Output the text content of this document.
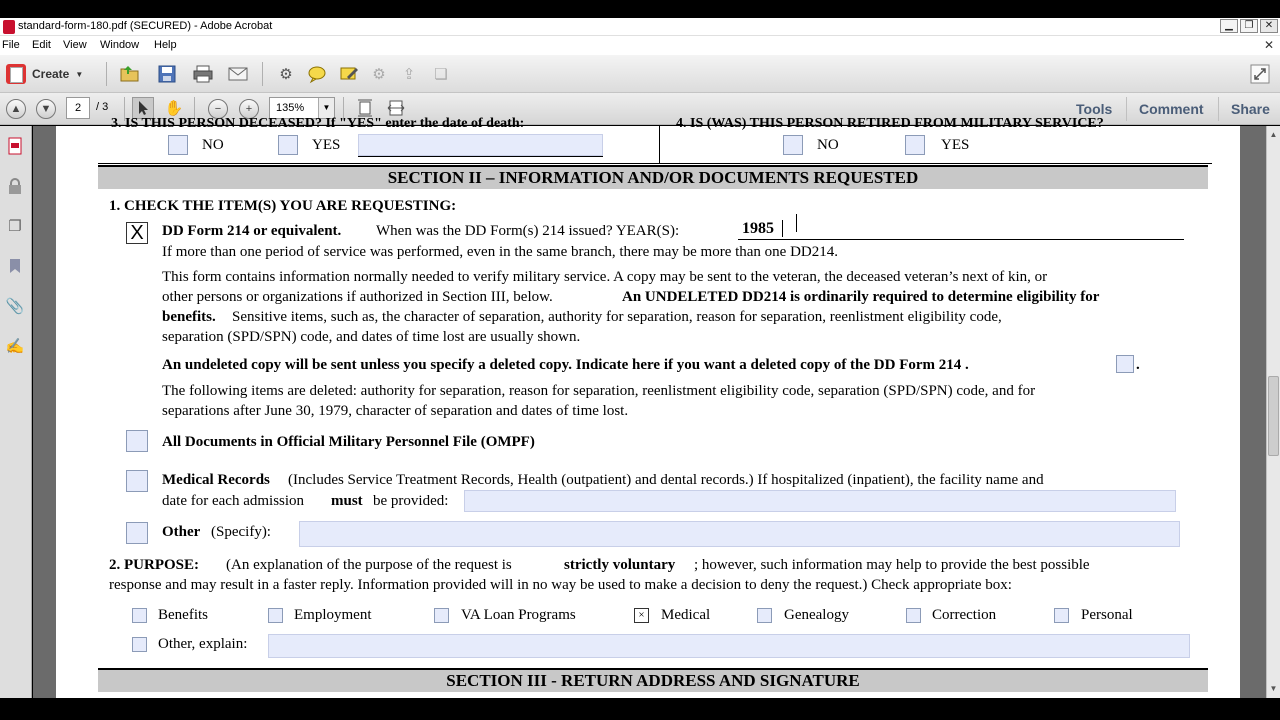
standard-form-180.pdf (SECURED) - Adobe Acrobat	▁	❐	✕
File Edit View Window Help	✕
Create ▼	⚙	⚙	⇪	❏
▲	▼	2	/ 3	✋	−	+	135%	▼	Tools Comment Share
❐
📎
✍
3. IS THIS PERSON DECEASED? If "YES" enter the date of death:	4. IS (WAS) THIS PERSON RETIRED FROM MILITARY SERVICE?
NO	YES	NO	YES
SECTION II – INFORMATION AND/OR DOCUMENTS REQUESTED
1. CHECK THE ITEM(S) YOU ARE REQUESTING:
X DD Form 214 or equivalent. When was the DD Form(s) 214 issued? YEAR(S):	1985
If more than one period of service was performed, even in the same branch, there may be more than one DD214.
This form contains information normally needed to verify military service. A copy may be sent to the veteran, the deceased veteran’s next of kin, or
other persons or organizations if authorized in Section III, below.	An UNDELETED DD214 is ordinarily required to determine eligibility for
benefits. Sensitive items, such as, the character of separation, authority for separation, reason for separation, reenlistment eligibility code,
separation (SPD/SPN) code, and dates of time lost are usually shown.
An undeleted copy will be sent unless you specify a deleted copy. Indicate here if you want a deleted copy of the DD Form 214 .	.
The following items are deleted: authority for separation, reason for separation, reenlistment eligibility code, separation (SPD/SPN) code, and for
separations after June 30, 1979, character of separation and dates of time lost.
All Documents in Official Military Personnel File (OMPF)
Medical Records (Includes Service Treatment Records, Health (outpatient) and dental records.) If hospitalized (inpatient), the facility name and
date for each admission must be provided:
Other (Specify):
2. PURPOSE: (An explanation of the purpose of the request is	strictly voluntary ; however, such information may help to provide the best possible
response and may result in a faster reply. Information provided will in no way be used to make a decision to deny the request.) Check appropriate box:
Benefits	Employment	VA Loan Programs	× Medical	Genealogy	Correction	Personal
Other, explain:
SECTION III - RETURN ADDRESS AND SIGNATURE
▲
▼
